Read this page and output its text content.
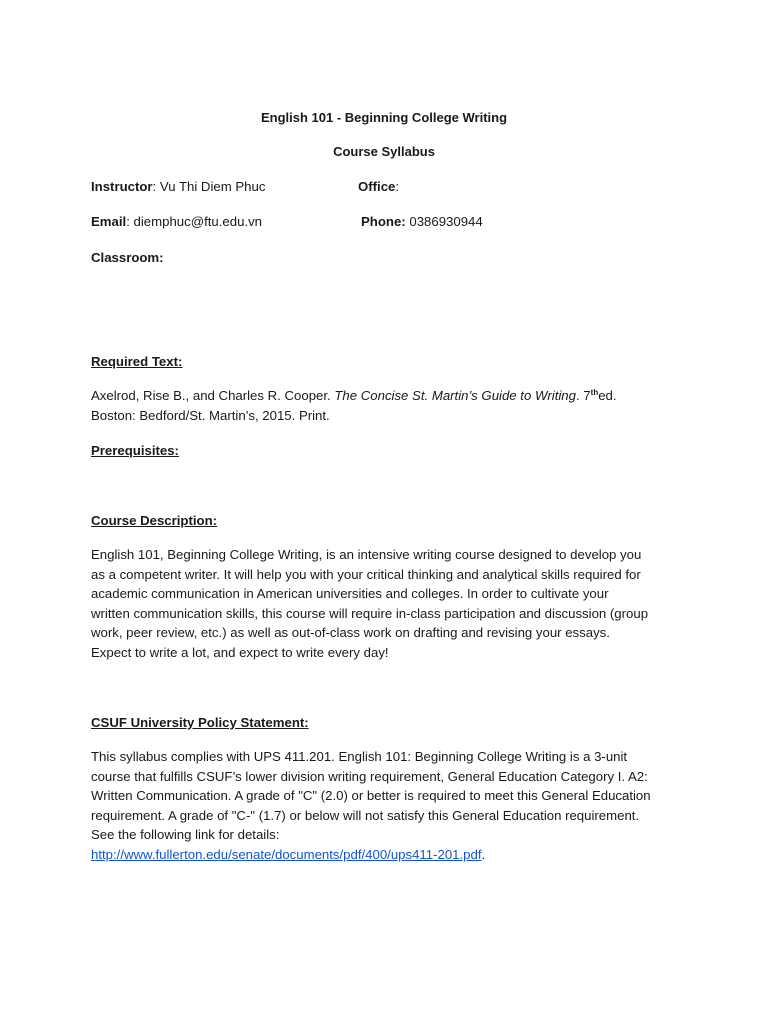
English 101 - Beginning College Writing
Course Syllabus
Instructor: Vu Thi Diem Phuc	Office:
Email: diemphuc@ftu.edu.vn	Phone: 0386930944
Classroom:
Required Text:
Axelrod, Rise B., and Charles R. Cooper. The Concise St. Martin’s Guide to Writing. 7thed.
Boston: Bedford/St. Martin’s, 2015. Print.
Prerequisites:
Course Description:
English 101, Beginning College Writing, is an intensive writing course designed to develop you
as a competent writer. It will help you with your critical thinking and analytical skills required for
academic communication in American universities and colleges. In order to cultivate your
written communication skills, this course will require in-class participation and discussion (group
work, peer review, etc.) as well as out-of-class work on drafting and revising your essays.
Expect to write a lot, and expect to write every day!
CSUF University Policy Statement:
This syllabus complies with UPS 411.201. English 101: Beginning College Writing is a 3-unit
course that fulfills CSUF’s lower division writing requirement, General Education Category I. A2:
Written Communication. A grade of "C" (2.0) or better is required to meet this General Education
requirement. A grade of "C-" (1.7) or below will not satisfy this General Education requirement.
See the following link for details:
http://www.fullerton.edu/senate/documents/pdf/400/ups411-201.pdf.
